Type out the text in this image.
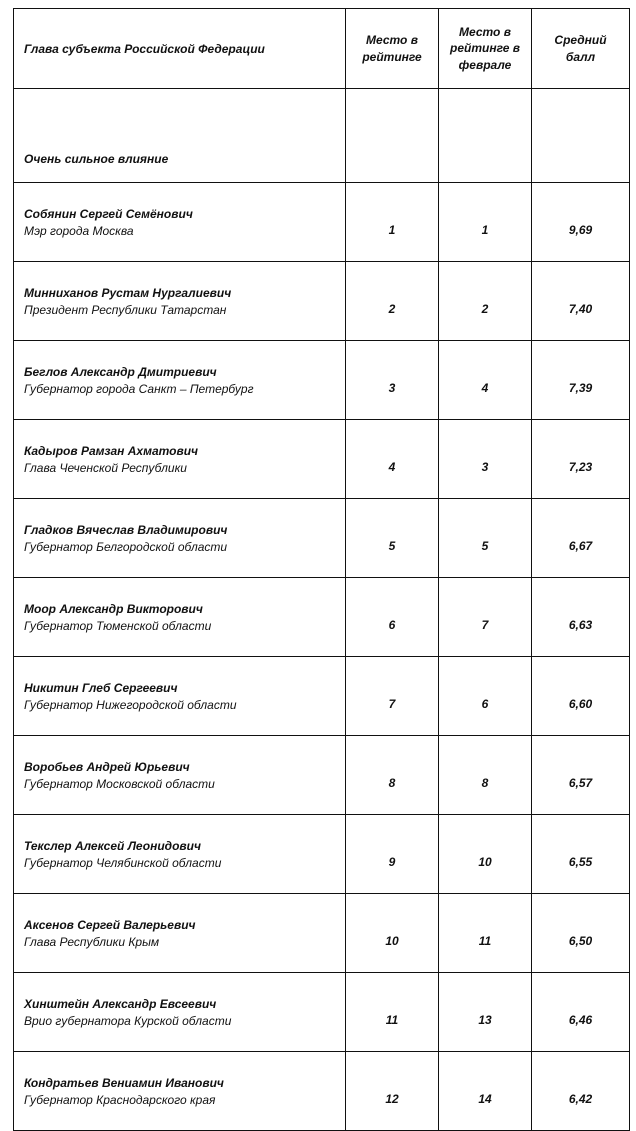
Глава субъекта Российской Федерации	Место в рейтинге	Место в рейтинге в феврале	Средний балл
Очень сильное влияние			

Собянин Сергей Семёнович
Мэр города Москва	1	1	9,69

Минниханов Рустам Нургалиевич
Президент Республики Татарстан	2	2	7,40

Беглов Александр Дмитриевич
Губернатор города Санкт – Петербург	3	4	7,39

Кадыров Рамзан Ахматович
Глава Чеченской Республики	4	3	7,23

Гладков Вячеслав Владимирович
Губернатор Белгородской области	5	5	6,67

Моор Александр Викторович
Губернатор Тюменской области	6	7	6,63

Никитин Глеб Сергеевич
Губернатор Нижегородской области	7	6	6,60

Воробьев Андрей Юрьевич
Губернатор Московской области	8	8	6,57

Текслер Алексей Леонидович
Губернатор Челябинской области	9	10	6,55

Аксенов Сергей Валерьевич
Глава Республики Крым	10	11	6,50

Хинштейн Александр Евсеевич
Врио губернатора Курской области	11	13	6,46

Кондратьев Вениамин Иванович
Губернатор Краснодарского края	12	14	6,42
